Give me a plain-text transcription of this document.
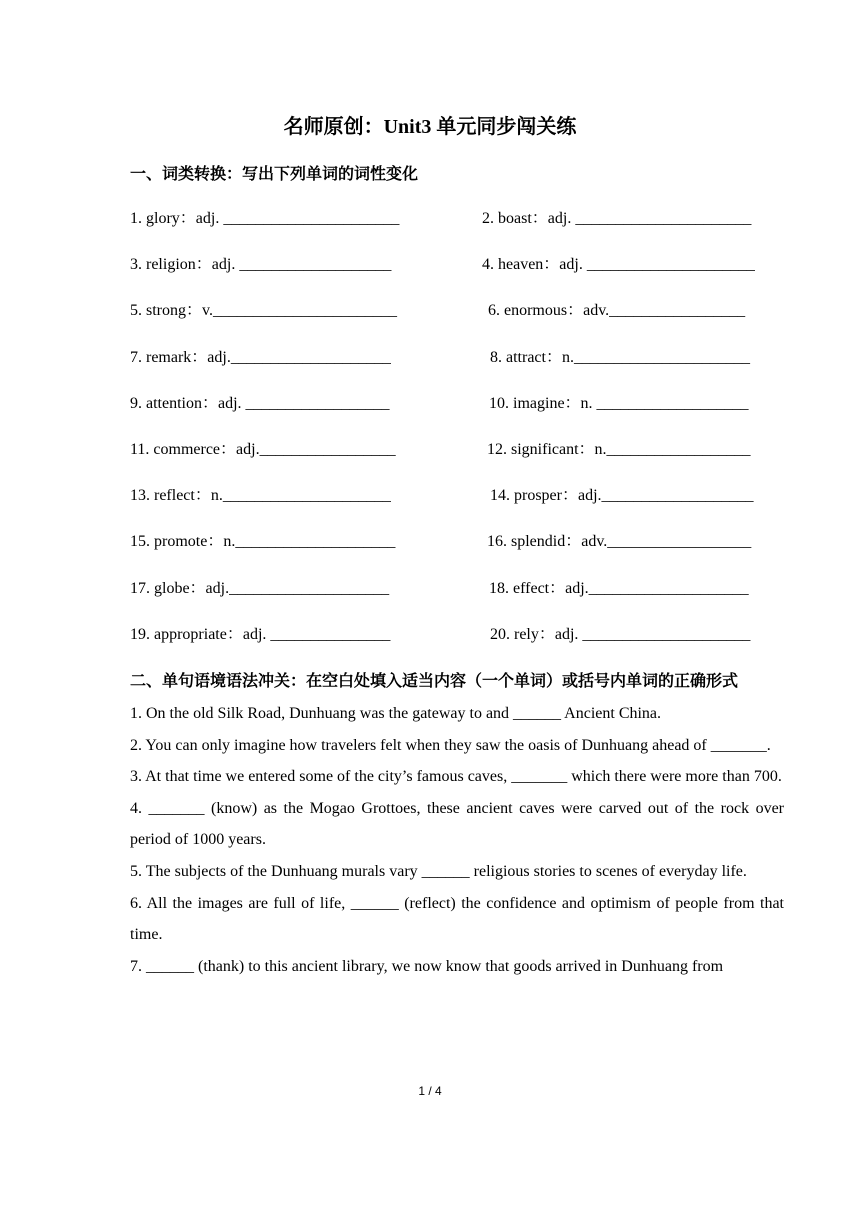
名师原创：Unit3 单元同步闯关练
一、词类转换：写出下列单词的词性变化
1. glory：adj. ______________________	2. boast：adj. ______________________
3. religion：adj. ___________________	4. heaven：adj. _____________________
5. strong：v._______________________	6. enormous：adv._________________
7. remark：adj.____________________	8. attract：n.______________________
9. attention：adj. __________________	10. imagine：n. ___________________
11. commerce：adj._________________	12. significant：n.__________________
13. reflect：n._____________________	14. prosper：adj.___________________
15. promote：n.____________________	16. splendid：adv.__________________
17. globe：adj.____________________	18. effect：adj.____________________
19. appropriate：adj. _______________	20. rely：adj. _____________________
二、单句语境语法冲关：在空白处填入适当内容（一个单词）或括号内单词的正确形式

1. On the old Silk Road, Dunhuang was the gateway to and ______ Ancient China.

2. You can only imagine how travelers felt when they saw the oasis of Dunhuang ahead of _______.

3. At that time we entered some of the city’s famous caves, _______ which there were more than 700.

4. _______ (know) as the Mogao Grottoes, these ancient caves were carved out of the rock over period of 1000 years.

5. The subjects of the Dunhuang murals vary ______ religious stories to scenes of everyday life.

6. All the images are full of life, ______ (reflect) the confidence and optimism of people from that time.

7. ______ (thank) to this ancient library, we now know that goods arrived in Dunhuang from

1 / 4
